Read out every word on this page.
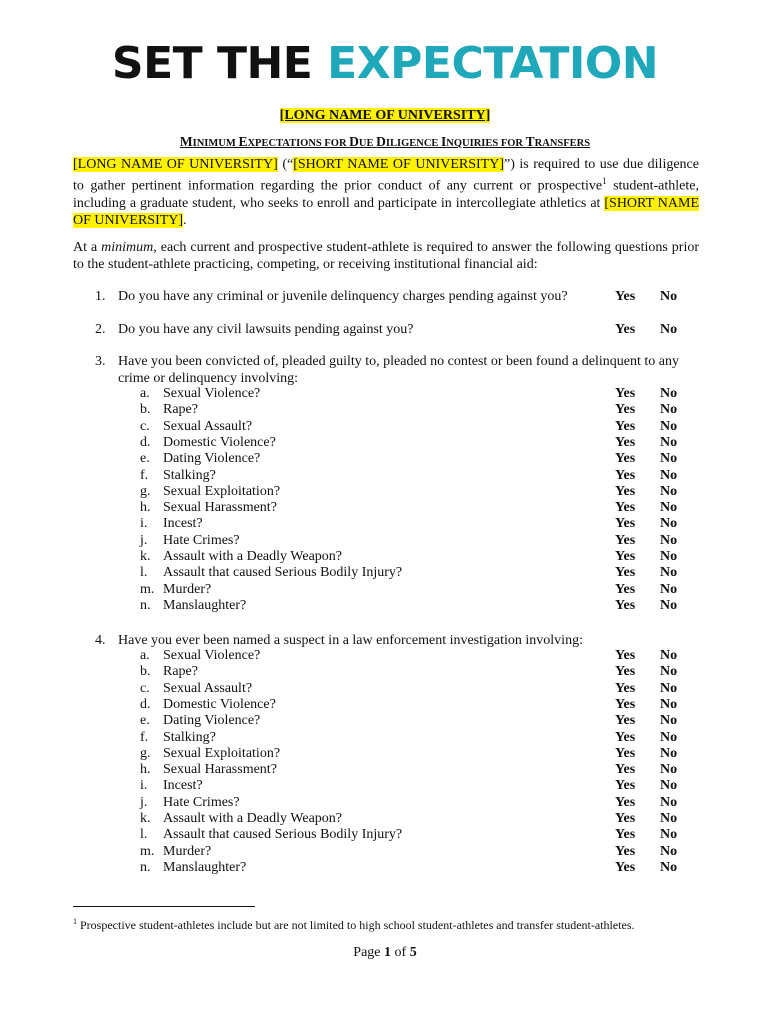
SET THE EXPECTATION
[LONG NAME OF UNIVERSITY]
MINIMUM EXPECTATIONS FOR DUE DILIGENCE INQUIRIES FOR TRANSFERS

[LONG NAME OF UNIVERSITY] (“[SHORT NAME OF UNIVERSITY]”) is required to use due diligence to gather pertinent information regarding the prior conduct of any current or prospective$^1$ student-athlete, including a graduate student, who seeks to enroll and participate in intercollegiate athletics at [SHORT NAME OF UNIVERSITY].

At a minimum, each current and prospective student-athlete is required to answer the following questions prior to the student-athlete practicing, competing, or receiving institutional financial aid:

1. Do you have any criminal or juvenile delinquency charges pending against you?	Yes No
2. Do you have any civil lawsuits pending against you?	Yes No
3. Have you been convicted of, pleaded guilty to, pleaded no contest or been found a delinquent to any crime or delinquency involving:
a. Sexual Violence?	Yes No
b. Rape?	Yes No
c. Sexual Assault?	Yes No
d. Domestic Violence?	Yes No
e. Dating Violence?	Yes No
f. Stalking?	Yes No
g. Sexual Exploitation?	Yes No
h. Sexual Harassment?	Yes No
i. Incest?	Yes No
j. Hate Crimes?	Yes No
k. Assault with a Deadly Weapon?	Yes No
l. Assault that caused Serious Bodily Injury?	Yes No
m. Murder?	Yes No
n. Manslaughter?	Yes No
4. Have you ever been named a suspect in a law enforcement investigation involving:
a. Sexual Violence?	Yes No
b. Rape?	Yes No
c. Sexual Assault?	Yes No
d. Domestic Violence?	Yes No
e. Dating Violence?	Yes No
f. Stalking?	Yes No
g. Sexual Exploitation?	Yes No
h. Sexual Harassment?	Yes No
i. Incest?	Yes No
j. Hate Crimes?	Yes No
k. Assault with a Deadly Weapon?	Yes No
l. Assault that caused Serious Bodily Injury?	Yes No
m. Murder?	Yes No
n. Manslaughter?	Yes No
$^1$ Prospective student-athletes include but are not limited to high school student-athletes and transfer student-athletes.
Page 1 of 5
